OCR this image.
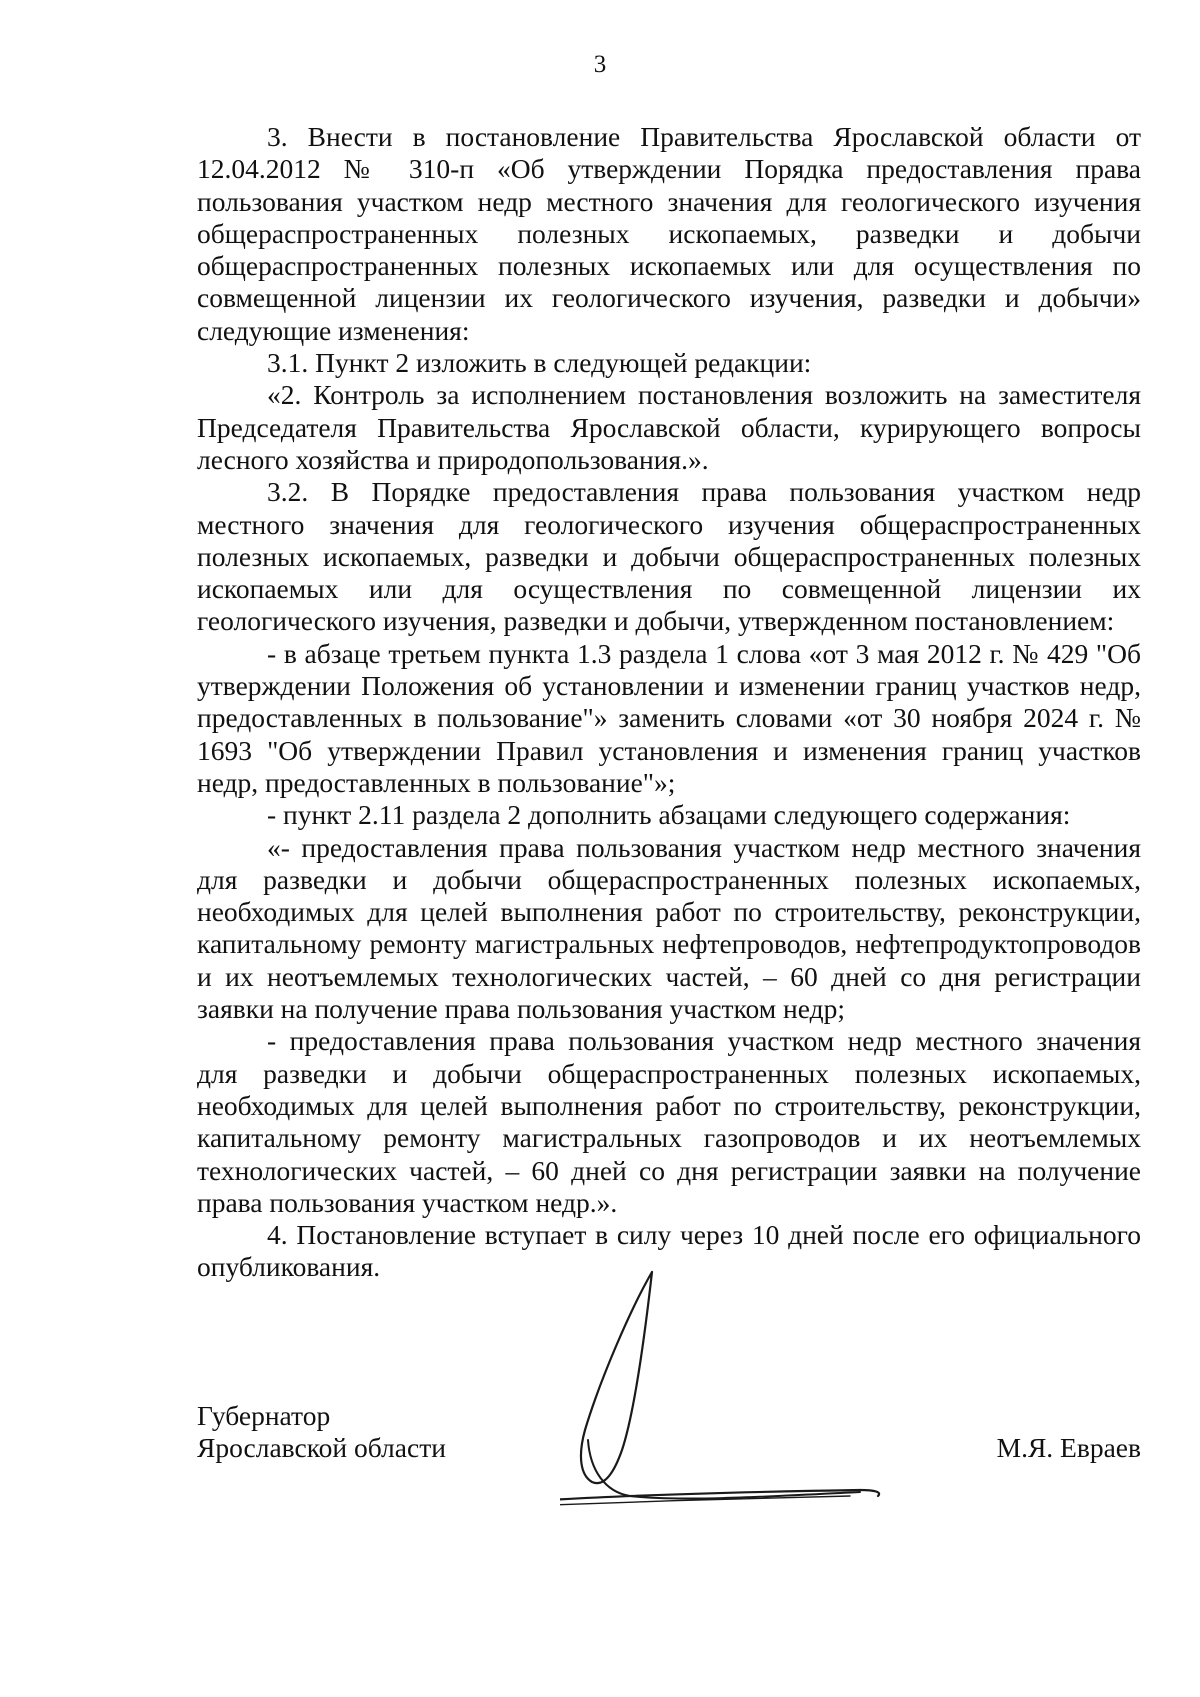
3

3. Внести в постановление Правительства Ярославской области от 12.04.2012 № 310-п «Об утверждении Порядка предоставления права пользования участком недр местного значения для геологического изучения общераспространенных полезных ископаемых, разведки и добычи общераспространенных полезных ископаемых или для осуществления по совмещенной лицензии их геологического изучения, разведки и добычи» следующие изменения:

3.1. Пункт 2 изложить в следующей редакции:

«2. Контроль за исполнением постановления возложить на заместителя Председателя Правительства Ярославской области, курирующего вопросы лесного хозяйства и природопользования.».

3.2. В Порядке предоставления права пользования участком недр местного значения для геологического изучения общераспространенных полезных ископаемых, разведки и добычи общераспространенных полезных ископаемых или для осуществления по совмещенной лицензии их геологического изучения, разведки и добычи, утвержденном постановлением:

- в абзаце третьем пункта 1.3 раздела 1 слова «от 3 мая 2012 г. № 429 "Об утверждении Положения об установлении и изменении границ участков недр, предоставленных в пользование"» заменить словами «от 30 ноября 2024 г. № 1693 "Об утверждении Правил установления и изменения границ участков недр, предоставленных в пользование"»;

- пункт 2.11 раздела 2 дополнить абзацами следующего содержания:

«- предоставления права пользования участком недр местного значения для разведки и добычи общераспространенных полезных ископаемых, необходимых для целей выполнения работ по строительству, реконструкции, капитальному ремонту магистральных нефтепроводов, нефтепродуктопроводов и их неотъемлемых технологических частей, – 60 дней со дня регистрации заявки на получение права пользования участком недр;

- предоставления права пользования участком недр местного значения для разведки и добычи общераспространенных полезных ископаемых, необходимых для целей выполнения работ по строительству, реконструкции, капитальному ремонту магистральных газопроводов и их неотъемлемых технологических частей, – 60 дней со дня регистрации заявки на получение права пользования участком недр.».

4. Постановление вступает в силу через 10 дней после его официального опубликования.

Губернатор
Ярославской области	М.Я. Евраев
